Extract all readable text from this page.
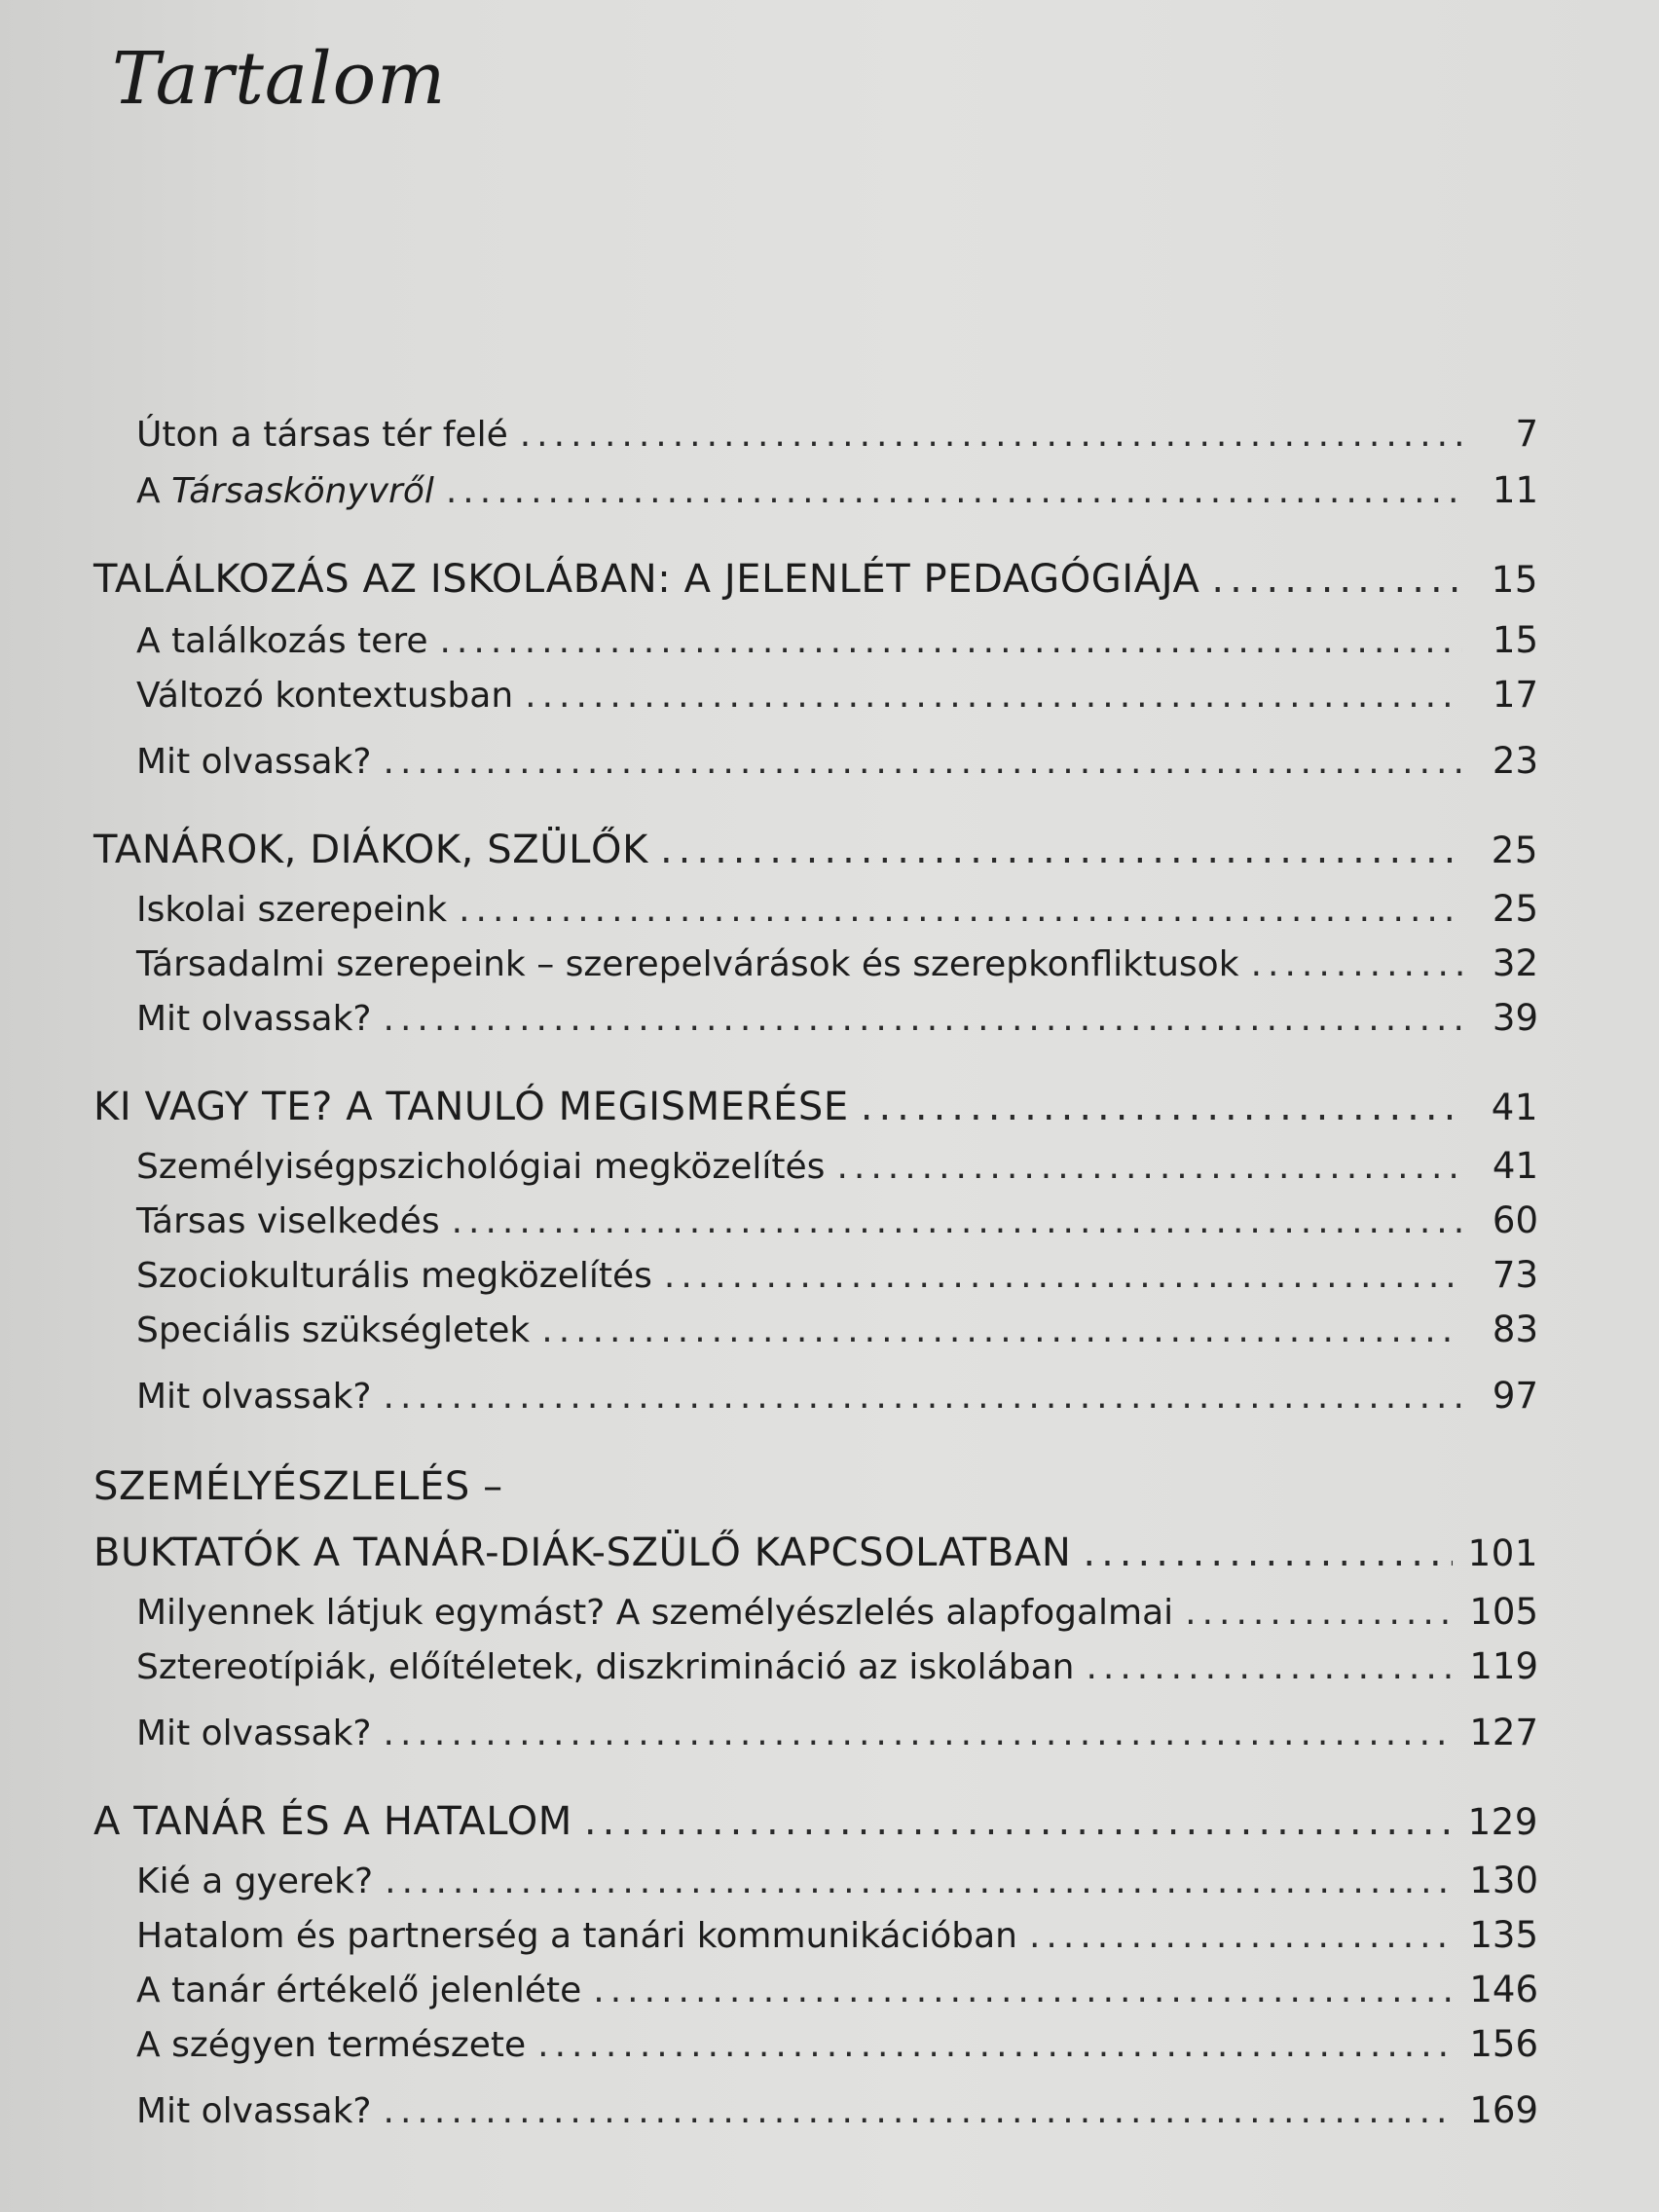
Tartalom
Úton a társas tér felé .....	7
A Társaskönyvről .....	11
TALÁLKOZÁS AZ ISKOLÁBAN: A JELENLÉT PEDAGÓGIÁJA .....	15
A találkozás tere .....	15
Változó kontextusban .....	17
Mit olvassak? .....	23
TANÁROK, DIÁKOK, SZÜLŐK .....	25
Iskolai szerepeink .....	25
Társadalmi szerepeink – szerepelvárások és szerepkonfliktusok .....	32
Mit olvassak? .....	39
KI VAGY TE? A TANULÓ MEGISMERÉSE .....	41
Személyiségpszichológiai megközelítés .....	41
Társas viselkedés .....	60
Szociokulturális megközelítés .....	73
Speciális szükségletek .....	83
Mit olvassak? .....	97
SZEMÉLYÉSZLELÉS –
BUKTATÓK A TANÁR-DIÁK-SZÜLŐ KAPCSOLATBAN .....	101
Milyennek látjuk egymást? A személyészlelés alapfogalmai .....	105
Sztereotípiák, előítéletek, diszkrimináció az iskolában .....	119
Mit olvassak? .....	127
A TANÁR ÉS A HATALOM .....	129
Kié a gyerek? .....	130
Hatalom és partnerség a tanári kommunikációban .....	135
A tanár értékelő jelenléte .....	146
A szégyen természete .....	156
Mit olvassak? .....	169
